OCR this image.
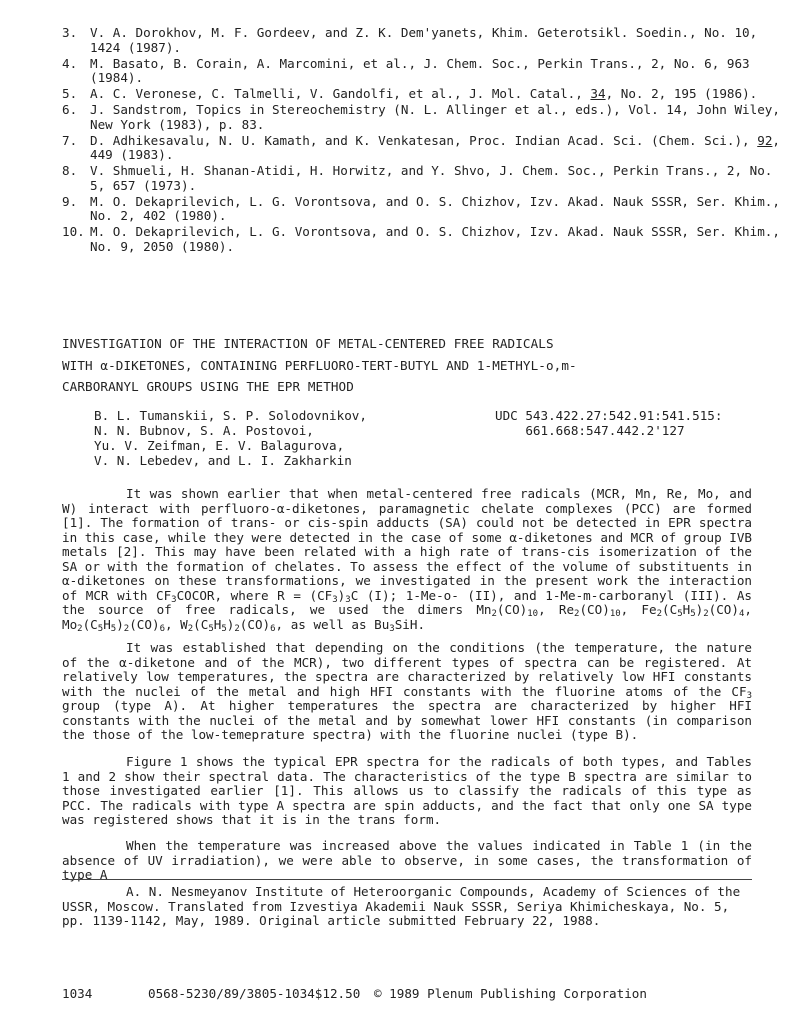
3.	V. A. Dorokhov, M. F. Gordeev, and Z. K. Dem'yanets, Khim. Geterotsikl. Soedin., No. 10, 1424 (1987).
4.	M. Basato, B. Corain, A. Marcomini, et al., J. Chem. Soc., Perkin Trans., 2, No. 6, 963 (1984).
5.	A. C. Veronese, C. Talmelli, V. Gandolfi, et al., J. Mol. Catal., 34, No. 2, 195 (1986).
6.	J. Sandstrom, Topics in Stereochemistry (N. L. Allinger et al., eds.), Vol. 14, John Wiley, New York (1983), p. 83.
7.	D. Adhikesavalu, N. U. Kamath, and K. Venkatesan, Proc. Indian Acad. Sci. (Chem. Sci.), 92, 449 (1983).
8.	V. Shmueli, H. Shanan-Atidi, H. Horwitz, and Y. Shvo, J. Chem. Soc., Perkin Trans., 2, No. 5, 657 (1973).
9.	M. O. Dekaprilevich, L. G. Vorontsova, and O. S. Chizhov, Izv. Akad. Nauk SSSR, Ser. Khim., No. 2, 402 (1980).
10. M. O. Dekaprilevich, L. G. Vorontsova, and O. S. Chizhov, Izv. Akad. Nauk SSSR, Ser. Khim., No. 9, 2050 (1980).
INVESTIGATION OF THE INTERACTION OF METAL-CENTERED FREE RADICALS
WITH α-DIKETONES, CONTAINING PERFLUORO-TERT-BUTYL AND 1-METHYL-o,m-
CARBORANYL GROUPS USING THE EPR METHOD
B. L. Tumanskii, S. P. Solodovnikov,
N. N. Bubnov, S. A. Postovoi,
Yu. V. Zeifman, E. V. Balagurova,
V. N. Lebedev, and L. I. Zakharkin
UDC 543.422.27:542.91:541.515:
661.668:547.442.2'127

It was shown earlier that when metal-centered free radicals (MCR, Mn, Re, Mo, and W) interact with perfluoro-α-diketones, paramagnetic chelate complexes (PCC) are formed [1]. The formation of trans- or cis-spin adducts (SA) could not be detected in EPR spectra in this case, while they were detected in the case of some α-diketones and MCR of group IVB metals [2]. This may have been related with a high rate of trans-cis isomerization of the SA or with the formation of chelates. To assess the effect of the volume of substituents in α-diketones on these transformations, we investigated in the present work the interaction of MCR with $CF_3COCOR$, where $R = (CF_3)_3C$ (I); 1-Me-o- (II), and 1-Me-m-carboranyl (III). As the source of free radicals, we used the dimers $Mn_2(CO)_{10}$, $Re_2(CO)_{10}$, $Fe_2(C_5H_5)_2(CO)_4$, $Mo_2(C_5H_5)_2(CO)_6$, $W_2(C_5H_5)_2(CO)_6$, as well as $Bu_3SiH$.

It was established that depending on the conditions (the temperature, the nature of the α-diketone and of the MCR), two different types of spectra can be registered. At relatively low temperatures, the spectra are characterized by relatively low HFI constants with the nuclei of the metal and high HFI constants with the fluorine atoms of the $CF_3$ group (type A). At higher temperatures the spectra are characterized by higher HFI constants with the nuclei of the metal and by somewhat lower HFI constants (in comparison the those of the low-temeprature spectra) with the fluorine nuclei (type B).

Figure 1 shows the typical EPR spectra for the radicals of both types, and Tables 1 and 2 show their spectral data. The characteristics of the type B spectra are similar to those investigated earlier [1]. This allows us to classify the radicals of this type as PCC. The radicals with type A spectra are spin adducts, and the fact that only one SA type was registered shows that it is in the trans form.

When the temperature was increased above the values indicated in Table 1 (in the absence of UV irradiation), we were able to observe, in some cases, the transformation of type A

A. N. Nesmeyanov Institute of Heteroorganic Compounds, Academy of Sciences of the USSR, Moscow. Translated from Izvestiya Akademii Nauk SSSR, Seriya Khimicheskaya, No. 5, pp. 1139-1142, May, 1989. Original article submitted February 22, 1988.
1034	0568-5230/89/3805-1034$12.50 © 1989 Plenum Publishing Corporation
